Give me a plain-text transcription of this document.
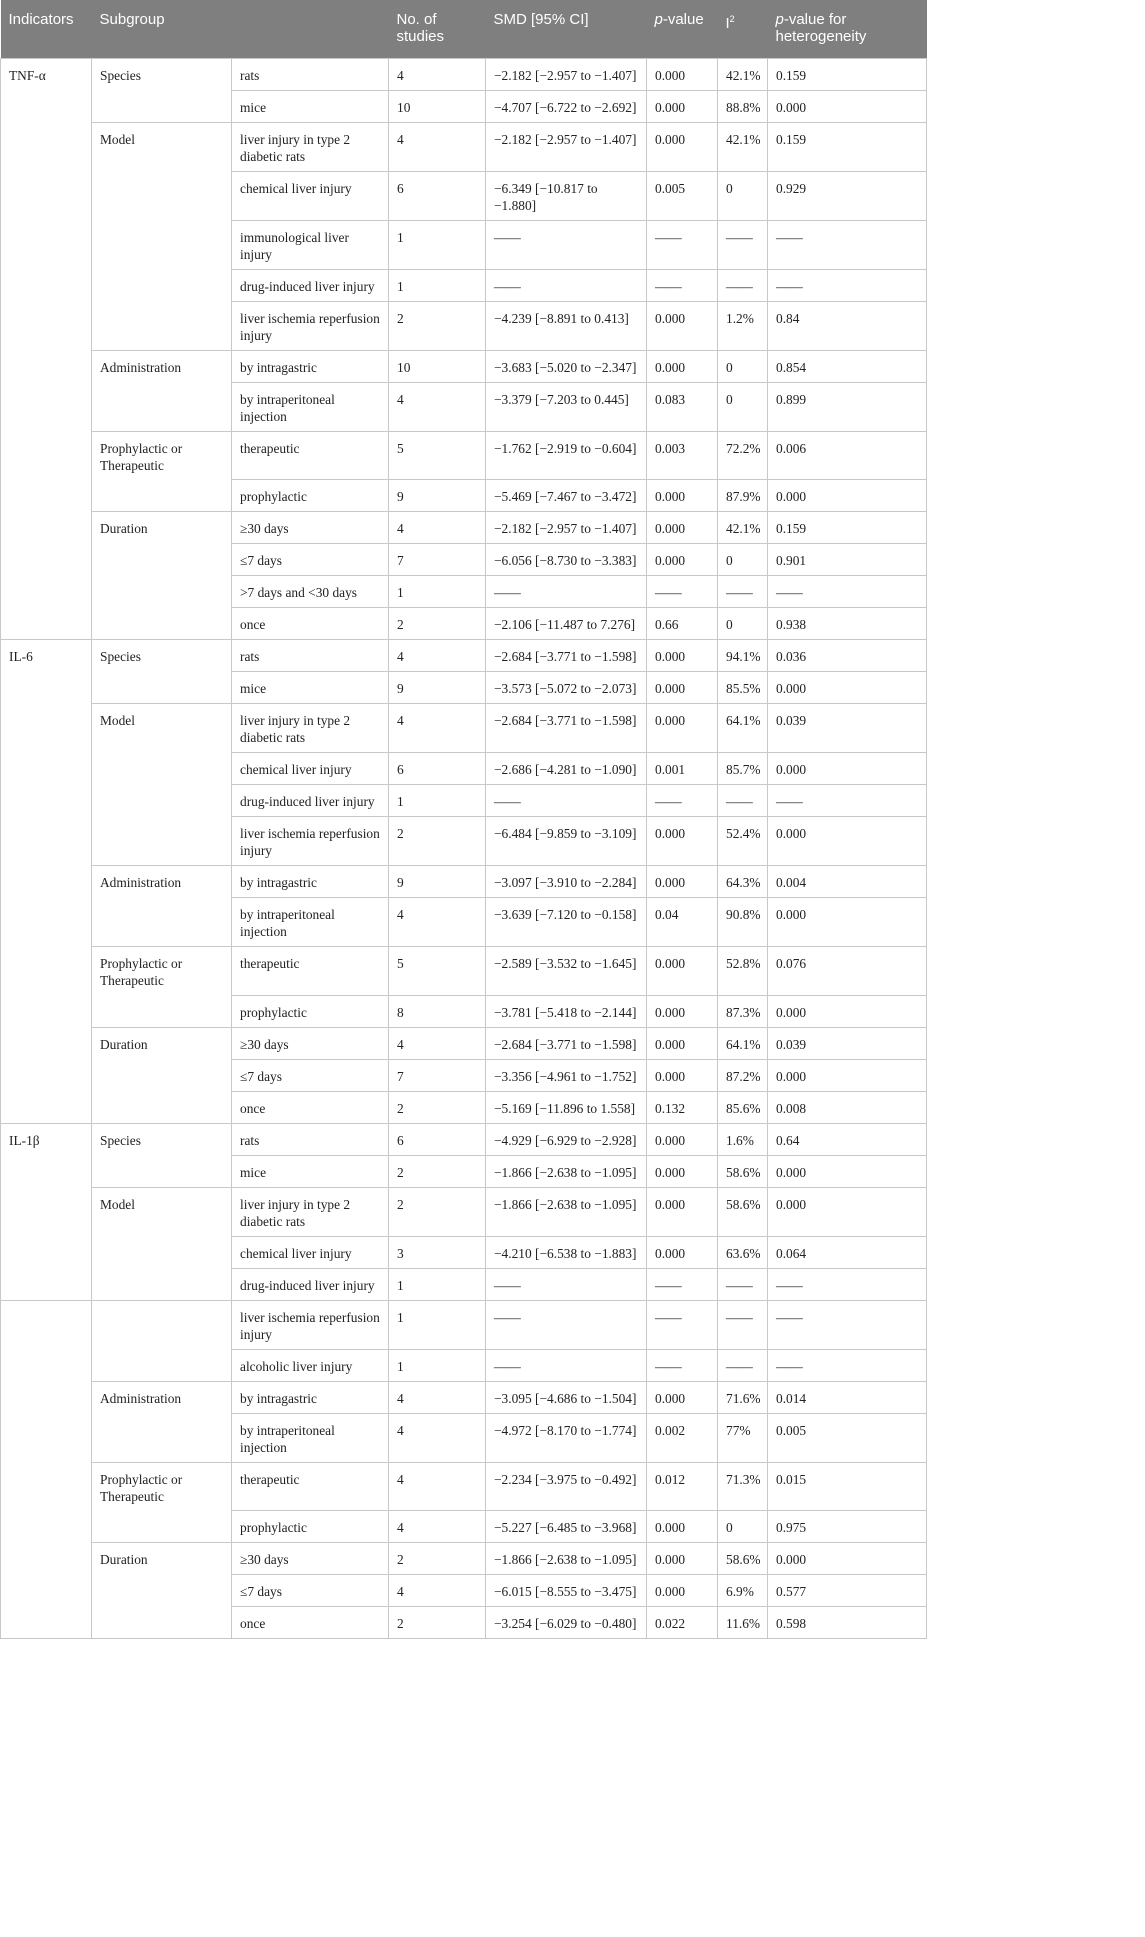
Indicators	Subgroup		No. of studies	SMD [95% CI]	p-value	$I^2$	p-value for heterogeneity
TNF-α	Species	rats	4	−2.182 [−2.957 to −1.407]	0.000	42.1%	0.159
		mice	10	−4.707 [−6.722 to −2.692]	0.000	88.8%	0.000
	Model	liver injury in type 2 diabetic rats	4	−2.182 [−2.957 to −1.407]	0.000	42.1%	0.159
		chemical liver injury	6	−6.349 [−10.817 to −1.880]	0.005	0	0.929
		immunological liver injury	1	——	——	——	——
		drug-induced liver injury	1	——	——	——	——
		liver ischemia reperfusion injury	2	−4.239 [−8.891 to 0.413]	0.000	1.2%	0.84
	Administration	by intragastric	10	−3.683 [−5.020 to −2.347]	0.000	0	0.854
		by intraperitoneal injection	4	−3.379 [−7.203 to 0.445]	0.083	0	0.899
	Prophylactic or Therapeutic	therapeutic	5	−1.762 [−2.919 to −0.604]	0.003	72.2%	0.006
		prophylactic	9	−5.469 [−7.467 to −3.472]	0.000	87.9%	0.000
	Duration	≥30 days	4	−2.182 [−2.957 to −1.407]	0.000	42.1%	0.159
		≤7 days	7	−6.056 [−8.730 to −3.383]	0.000	0	0.901
		>7 days and <30 days	1	——	——	——	——
		once	2	−2.106 [−11.487 to 7.276]	0.66	0	0.938
IL-6	Species	rats	4	−2.684 [−3.771 to −1.598]	0.000	94.1%	0.036
		mice	9	−3.573 [−5.072 to −2.073]	0.000	85.5%	0.000
	Model	liver injury in type 2 diabetic rats	4	−2.684 [−3.771 to −1.598]	0.000	64.1%	0.039
		chemical liver injury	6	−2.686 [−4.281 to −1.090]	0.001	85.7%	0.000
		drug-induced liver injury	1	——	——	——	——
		liver ischemia reperfusion injury	2	−6.484 [−9.859 to −3.109]	0.000	52.4%	0.000
	Administration	by intragastric	9	−3.097 [−3.910 to −2.284]	0.000	64.3%	0.004
		by intraperitoneal injection	4	−3.639 [−7.120 to −0.158]	0.04	90.8%	0.000
	Prophylactic or Therapeutic	therapeutic	5	−2.589 [−3.532 to −1.645]	0.000	52.8%	0.076
		prophylactic	8	−3.781 [−5.418 to −2.144]	0.000	87.3%	0.000
	Duration	≥30 days	4	−2.684 [−3.771 to −1.598]	0.000	64.1%	0.039
		≤7 days	7	−3.356 [−4.961 to −1.752]	0.000	87.2%	0.000
		once	2	−5.169 [−11.896 to 1.558]	0.132	85.6%	0.008
IL-1β	Species	rats	6	−4.929 [−6.929 to −2.928]	0.000	1.6%	0.64
		mice	2	−1.866 [−2.638 to −1.095]	0.000	58.6%	0.000
	Model	liver injury in type 2 diabetic rats	2	−1.866 [−2.638 to −1.095]	0.000	58.6%	0.000
		chemical liver injury	3	−4.210 [−6.538 to −1.883]	0.000	63.6%	0.064
		drug-induced liver injury	1	——	——	——	——
		liver ischemia reperfusion injury	1	——	——	——	——
		alcoholic liver injury	1	——	——	——	——
	Administration	by intragastric	4	−3.095 [−4.686 to −1.504]	0.000	71.6%	0.014
		by intraperitoneal injection	4	−4.972 [−8.170 to −1.774]	0.002	77%	0.005
	Prophylactic or Therapeutic	therapeutic	4	−2.234 [−3.975 to −0.492]	0.012	71.3%	0.015
		prophylactic	4	−5.227 [−6.485 to −3.968]	0.000	0	0.975
	Duration	≥30 days	2	−1.866 [−2.638 to −1.095]	0.000	58.6%	0.000
		≤7 days	4	−6.015 [−8.555 to −3.475]	0.000	6.9%	0.577
		once	2	−3.254 [−6.029 to −0.480]	0.022	11.6%	0.598
